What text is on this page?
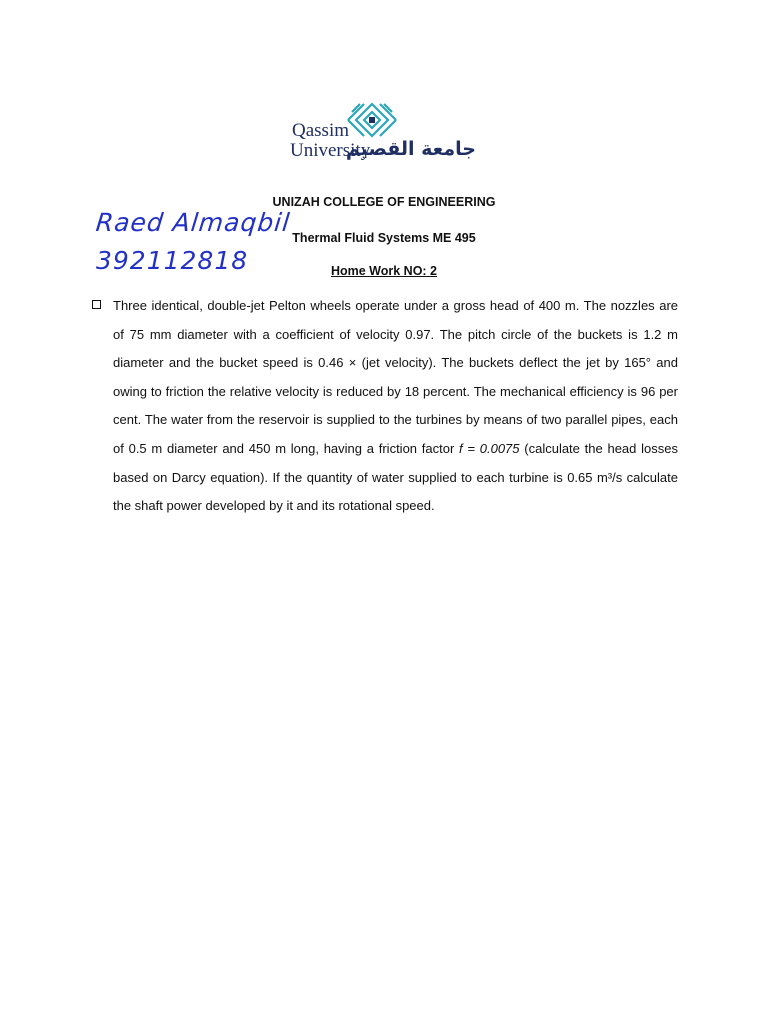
Qassim
University
جامعة القصيم
UNIZAH COLLEGE OF ENGINEERING
Thermal Fluid Systems ME 495
Home Work NO: 2
Raed Almaqbil
392112818
Three identical, double-jet Pelton wheels operate under a gross head of 400 m. The nozzles are of 75 mm diameter with a coefficient of velocity 0.97. The pitch circle of the buckets is 1.2 m diameter and the bucket speed is 0.46 × (jet velocity). The buckets deflect the jet by 165° and owing to friction the relative velocity is reduced by 18 percent. The mechanical efficiency is 96 per cent. The water from the reservoir is supplied to the turbines by means of two parallel pipes, each of 0.5 m diameter and 450 m long, having a friction factor f = 0.0075 (calculate the head losses based on Darcy equation). If the quantity of water supplied to each turbine is 0.65 m³/s calculate the shaft power developed by it and its rotational speed.
